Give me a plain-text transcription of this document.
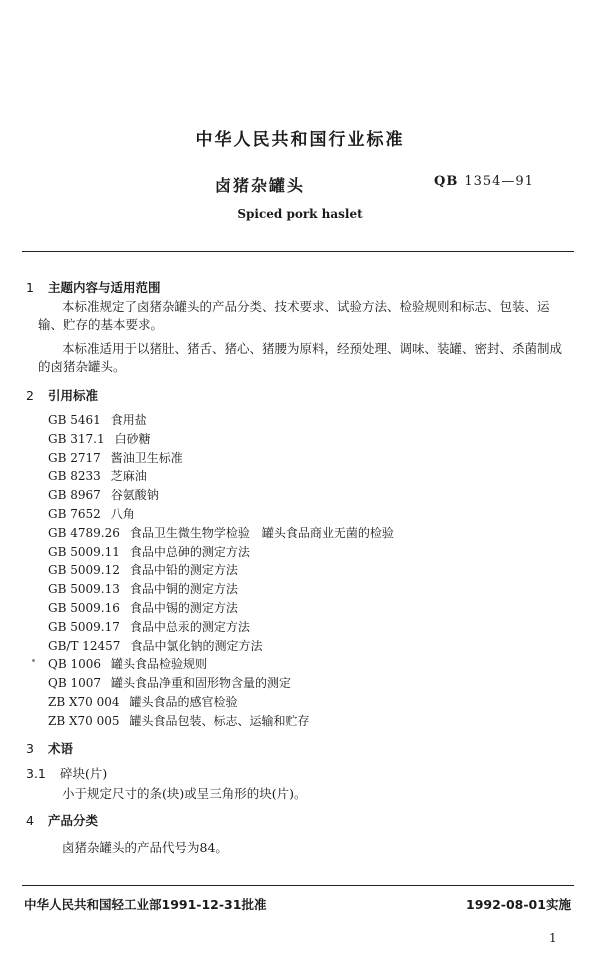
中华人民共和国行业标准
卤猪杂罐头	QB 1354—91
Spiced pork haslet
1 主题内容与适用范围
本标准规定了卤猪杂罐头的产品分类、技术要求、试验方法、检验规则和标志、包装、运输、贮存的基本要求。
本标准适用于以猪肚、猪舌、猪心、猪腰为原料，经预处理、调味、装罐、密封、杀菌制成的卤猪杂罐头。
2 引用标准
GB 5461 食用盐
GB 317.1 白砂糖
GB 2717 酱油卫生标准
GB 8233 芝麻油
GB 8967 谷氨酸钠
GB 7652 八角
GB 4789.26 食品卫生微生物学检验　罐头食品商业无菌的检验
GB 5009.11 食品中总砷的测定方法
GB 5009.12 食品中铅的测定方法
GB 5009.13 食品中铜的测定方法
GB 5009.16 食品中锡的测定方法
GB 5009.17 食品中总汞的测定方法
GB/T 12457 食品中氯化钠的测定方法
QB 1006 罐头食品检验规则
QB 1007 罐头食品净重和固形物含量的测定
ZB X70 004 罐头食品的感官检验
ZB X70 005 罐头食品包装、标志、运输和贮存
3 术语
3.1 碎块(片)
小于规定尺寸的条(块)或呈三角形的块(片)。
4 产品分类
卤猪杂罐头的产品代号为84。
中华人民共和国轻工业部1991-12-31批准	1992-08-01实施
1
